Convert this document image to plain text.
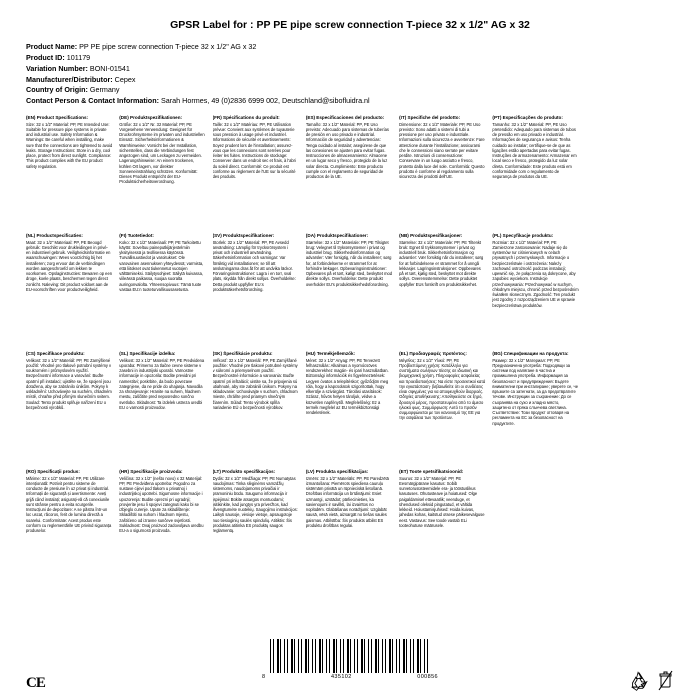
GPSR Label for : PP PE pipe screw connection T-piece 32 x 1/2" AG x 32
Product Name: PP PE pipe screw connection T-piece 32 x 1/2" AG x 32
Product ID: 101179
Variation Number: BONI-01541
Manufacturer/Distributor: Cepex
Country of Origin: Germany
Contact Person & Contact Information: Sarah Hormes, 49 (0)2836 6999 002, Deutschland@sibofluidra.nl
(EN) Product Specifications:

Size: 32 x 1/2" Material: PP, PE Intended Use: Suitable for pressure pipe systems in private and industrial use. Safety Information & Warnings: Be careful when installing, make sure that the connections are tightened to avoid leaks. Storage Instructions: Store in a dry, cool place, protect from direct sunlight. Compliance: This product complies with the EU product safety regulation.

(DE) Produktspezifikationen:

Größe: 32 x 1/2" Nr. 32 Material: PP, PE Vorgesehene Verwendung: Geeignet für Druckrohrsysteme im privaten und industriellen Einsatz. Sicherheitsinformationen & Warnhinweise: Vorsicht bei der Installation, sicherstellen, dass die Verbindungen fest angezogen sind, um Leckagen zu vermeiden. Lagerungshinweise: An einem trockenen, kühlen Ort lagern, vor direkter Sonneneinstrahlung schützen. Konformität: Dieses Produkt entspricht der EU-Produktsicherheitsverordnung.

(FR) Spécifications du produit:

Taille: 32 x 1/2" Matériau: PP, PE Utilisation prévue: Convient aux systèmes de tuyauterie sous pression à usage privé et industriel. Informations de sécurité et avertissements: Soyez prudent lors de l'installation; assurez-vous que les connexions sont serrées pour éviter les fuites. Instructions de stockage: Conserver dans un endroit sec et frais, à l'abri du soleil direct. Conformité: Ce produit est conforme au règlement de l'UE sur la sécurité des produits.

(ES) Especificaciones del producto:

Tamaño: 32 x 1/2" Material: PP, PE Uso previsto: Adecuado para sistemas de tuberías de presión en uso privado e industrial. Información de seguridad y advertencias: Tenga cuidado al instalar; asegúrese de que las conexiones se ajusten para evitar fugas. Instrucciones de almacenamiento: Almacene en un lugar seco y fresco, protegido de la luz solar directa. Cumplimiento: Este producto cumple con el reglamento de seguridad de productos de la UE.

(IT) Specifiche del prodotto:

Dimensione: 32 x 1/2" Materiale: PP, PE Uso previsto: Sono adatti a sistemi di tubi a pressione per uso privato e industriale. Informazioni sulla sicurezza e avvertenze: Fare attenzione durante l'installazione; assicurarsi che le connessioni siano serrate per evitare perdite. Istruzioni di conservazione: Conservare in un luogo asciutto e fresco, protetto dalla luce del sole. Conformità: Questo prodotto è conforme al regolamento sulla sicurezza dei prodotti dell'UE.

(PT) Especificações do produto:

Tamanho: 32 x 1/2" Material: PP, PE Uso pretendido: Adequado para sistemas de tubos de pressão em uso privado e industrial. Informações de segurança e avisos: Tenha cuidado ao instalar; certifique-se de que as ligações estão apertadas para evitar fugas. Instruções de armazenamento: Armazenar em local seco e fresco, protegido da luz solar direta. Conformidade: Este produto está em conformidade com o regulamento de segurança de produtos da UE.

(NL) Productspecificaties:

Maat: 32 x 1/2" Materiaal: PP, PE Beoogd gebruik: Geschikt voor drukleidingen in privé- en industrieel gebruik. Veiligheidsinformatie en waarschuwingen: Wees voorzichtig bij het installeren; zorg ervoor dat de verbindingen worden aangeschroefd om lekken te voorkomen. Opslaginstructies: Bewaren op een droge, koele plaats, beschermen tegen direct zonlicht. Naleving: Dit product voldoet aan de EU-voorschriften voor productveiligheid.

(FI) Tuotetiedot:

Koko: 32 x 1/2" Materiaali: PP, PE Tarkoitettu käyttö: Soveltuu paineputkijärjestelmiin yksityisessä ja teollisessa käytössä. Turvallisuustiedot ja varoitukset: Ole varovainen asennuksen yhteydessä; varmista, että liitokset ovat tiukennetut vuotojen välttämiseksi. Säilytysohjeet: Säilytä kuivassa, viileässä paikassa, suojaa suoralta auringonvalolta. Yhteensopivuus: Tämä tuote vastaa EU:n tuoteturvallisuusasetusta.

(SV) Produktspecifikationer:

Storlek: 32 x 1/2" Material: PP, PE Avsedd användning: Lämplig för trycksrörsystem i privat och industriell användning. Säkerhetsinformation och varningar: Var försiktig vid installationen; se till att anslutningarna dras åt för att undvika läckor. Förvaringsinstruktioner: Lagra i en torr, sval plats, skydda från direkt solljus. Överholdelse: Detta produkt uppfyller EU:s produktsäkerhetsförordning.

(DA) Produktspecifikationer:

Størrelse: 32 x 1/2" Materiale: PP, PE Tilsigtet brug: Velegnet til trykrørsystemer i privat og industriel brug. Sikkerhedsinformation og advarsler: Vær forsigtig, når du installerer; sørg for, at forbindelserne er strammet for at forhindre lækager. Opbevaringsinstruktioner: Opbevares på et tørt, køligt sted, beskyttet mod direkte sollys. Overholdelse: Dette produkt overholder EU's produktsikkerhedsforordning.

(NB) Produktspesifikasjoner:

Størrelse: 32 x 1/2" Materiale: PP, PE Tiltenkt bruk: Egnet til trykkrørsystemer i privat og industriell bruk. Sikkerhetsinformasjon og advarsler: Vær forsiktig når du installerer; sørg for at forbindelsene er strammet for å unngå lekkasjer. Lagringsinstruksjoner: Oppbevares på et tørt, kjølig sted, beskyttet mot direkte sollys. Overensstemmelse: Dette produktet oppfyller EUs forskrift om produktsikkerhet.

(PL) Specyfikacje produktu:

Rozmiar: 32 x 1/2" Materiał: PP, PE Zamierzone zastosowanie: Nadaje się do systemów rur ciśnieniowych w celach prywatnych i przemysłowych. Informacje o bezpieczeństwie i ostrzeżenia: Należy zachować ostrożność podczas instalacji; upewnić się, że połączenia są dokręcone, aby zapobiec wyciekom. Instrukcje przechowywania: Przechowywać w suchym, chłodnym miejscu, chronić przed bezpośrednim światłem słonecznym. Zgodność: Ten produkt jest zgodny z rozporządzeniem UE w sprawie bezpieczeństwa produktów.

(CS) Specifikace produktu:

Velikost: 32 x 1/2" Materiál: PP, PE Zamýšlené použití: Vhodné pro tlakové potrubní systémy v soukromém i průmyslovém využití. Bezpečnostní informace a varování: Buďte opatrní při instalaci; ujistěte se, že spojení jsou dotažena, aby se zabránilo únikům. Pokyny k uskladnění: Uchovávejte na suchém, chladném místě, chraňte před přímým slunečním svitem. Soulad: Tento produkt splňuje nařízení EU o bezpečnosti výrobků.

(SL) Specifikacije izdelka:

Velikost: 32 x 1/2" Material: PP, PE Predvidena uporaba: Primerno za tlačne cevne sisteme v zasebni in industrijski uporabi. Varnostne informacije in opozorila: Bodite previdni pri namestitvi; poskrbite, da bodo povezave zategnjene, da ne pride do uhajanja. Navodila za shranjevanje: Hranite na suhem, hladnem mestu, zaščitite pred neposredno sončno svetlobo. Skladnost: Ta izdelek ustreza uredbi EU o varnosti proizvodov.

(SK) Špecifikácie produktu:

Veľkosť: 32 x 1/2" Materiál: PP, PE Zamýšľané použitie: Vhodné pre tlakové potrubné systémy v súkromí a priemyselnom použití. Bezpečnostné informácie a varovania: Buďte opatrní pri inštalácii; uistite sa, že pripojenia sú utiahnuté, aby ste zabránili únikom. Pokyny na skladovanie: Uchovávajte v suchom, chladnom mieste, chráňte pred priamym slnečným žiarením. Súlad: Tento výrobok spĺňa nariadenie EÚ o bezpečnosti výrobkov.

(HU) Termékjellemzők:

Méret: 32 x 1/2" Anyag: PP, PE Tervezett felhasználás: Alkalmas a nyomócsöves rendszerekhez magán- és ipari használatban. Biztonsági információk és figyelmeztetések: Legyen óvatos a telepítéskor; győződjön meg róla, hogy a kapcsolatok szigorítottak, hogy elkerülje a szivárgást. Tárolási utasítások: Száraz, hűvös helyen tároljuk, védve a közvetlen napfénytől. Megfelelőség: Ez a termék megfelel az EU termékbiztonsági rendeletének.

(EL) Προδιαγραφές προϊόντος:

Μέγεθος: 32 x 1/2" Υλικό: PP, PE Προβλεπόμενη χρήση: Κατάλληλο για συστήματα σωλήνων πίεσης σε ιδιωτική και βιομηχανική χρήση. Πληροφορίες ασφαλείας και προειδοποιήσεις: Να είστε προσεκτικοί κατά την εγκατάσταση· βεβαιωθείτε ότι οι συνδέσεις είναι σφιγμένες για να αποφευχθούν διαρροές. Οδηγίες αποθήκευσης: Αποθηκεύστε σε ξηρό, δροσερό μέρος, προστατευμένο από το άμεσο ηλιακό φως. Συμμόρφωση: Αυτό το προϊόν συμμορφώνεται με τον κανονισμό της ΕΕ για την ασφάλεια των προϊόντων.

(BG) Спецификации на продукта:

Размер: 32 x 1/2" Материал: PP, PE Предназначена употреба: Подходящи за системи под налягане в частна и промишлена употреба. Информация за безопасност и предупреждения: Бъдете внимателни при инсталиране; уверете се, че връзките са затегнати, за да предотвратите течове. Инструкции за съхранение: До се съхранява на сухо и хладно място, защитено от пряка слънчева светлина. Съответствие: Този продукт отговаря на регламента на ЕС за безопасност на продуктите.

(RO) Specificații produs:

Mărime: 32 x 1/2" Material: PP, PE Utilizare intenționată: Potrivit pentru sisteme de conducte de presiune în uz privat și industrial. Informații de siguranță și avertismente: Aveți grijă când instalați; asigurați-vă că conexiunile sunt strânse pentru a evita scurgerile. Instrucțiuni de depozitare: A se păstra într-un loc uscat, răcoros, ferit de lumina directă a soarelui. Conformitate: Acest produs este conform cu reglementările UE privind siguranța produselor.

(HR) Specifikacije proizvoda:

Veličina: 32 x 1/2" (nešto novo) x 32 Materijal: PP, PE Predviđena upotreba: Pogodno za sustave cijevi pod tlakom u privatnoj i industrijskoj upotrebi. Sigurnosne informacije i upozorenja: Budite oprezni pri ugradnji; provjerite jesu li spojevi zategnuti kako bi se izbjeglo curenje. Upute za skladištenje: Skladištiti na suhom i hladnom mjestu, zaštićeno od izravne sunčeve svjetlosti. Sukladnost: Ovaj proizvod zadovoljava uredbu EU-a o sigurnosti proizvoda.

(LT) Produkto specifikacijos:

Dydis: 32 x 1/2" Medžiaga: PP, PE Numatytas naudojimas: Tinka slėginėms vamzdžių sistemoms, naudojamoms privačiai ir pramoniniu būdu. Saugumo informacija ir įspėjimai: Būkite atsargūs montuodami; įsitikinkite, kad jungtys yra priveržtos, kad išvengtumėte nuotėkių. Saugojimo instrukcijos: Laikyti sausoje, vėsioje vietoje, apsaugotoje nuo tiesioginių saulės spindulių. Atitiktis: Šis produktas atitinka ES produktų saugos reglamentą.

(LV) Produkta specifikācijas:

Izmērs: 32 x 1/2" Materiāls: PP, PE Paredzētā izmantošana: Piemērots spiediena cauruļu sistēmām privātā un rūpnieciskā lietošanā. Drošības informācija un brīdinājumi: Esiet uzmanīgi, uzstādot; pārliecinieties, ka savienojumi ir savilkti, lai izvairītos no noplūdēm. Glabāšanas norādījumi: Uzglabāt sausā, vēsā vietā, aizsargāt no tiešas saules gaismas. Atbilstība: Šis produkts atbilst ES produktu drošības regulai.

(ET) Toote spetsifikatsioonid:

Suurus: 32 x 1/2" Materjal: PP, PE Eesmärgipärane kasutus: Sobib survetorusüsteemidele era- ja tööstuslikus kasutuses. Ohutusteave ja hoiatused: Olge paigaldamisel ettevaatlik; veenduge, et ühendused oleksid pingutatud, et vältida lekkeid. Hoiustamisjuhised: Hoida kuivas, jahedas kohas, kaitstud otsese päikesevalguse eest. Vastavus: See toode vastab ELi tooteohutuse määrusele.

CE	8	435102	000856
